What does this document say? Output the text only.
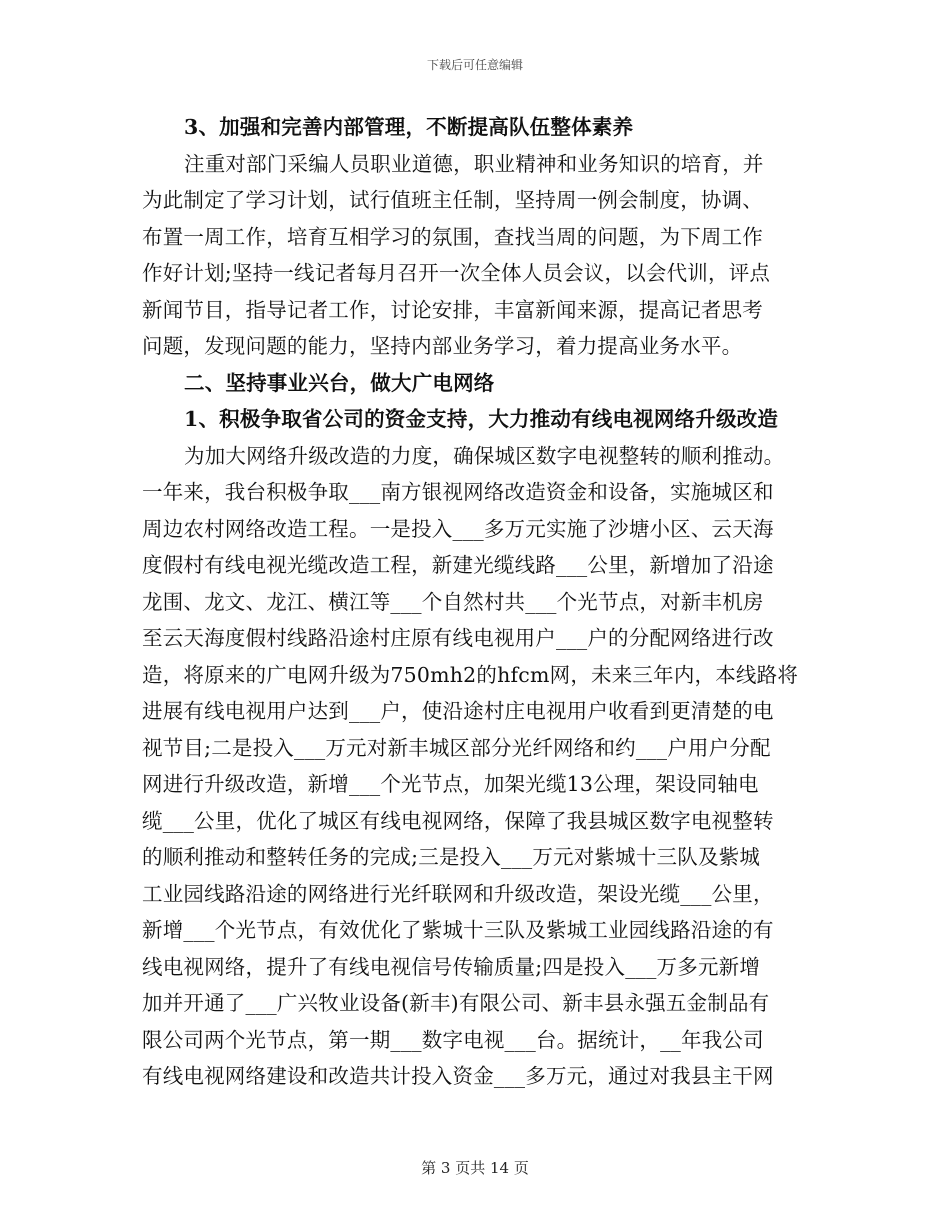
下载后可任意编辑
3、加强和完善内部管理，不断提高队伍整体素养
注重对部门采编人员职业道德，职业精神和业务知识的培育，并
为此制定了学习计划，试行值班主任制，坚持周一例会制度，协调、
布置一周工作，培育互相学习的氛围，查找当周的问题，为下周工作
作好计划;坚持一线记者每月召开一次全体人员会议，以会代训，评点
新闻节目，指导记者工作，讨论安排，丰富新闻来源，提高记者思考
问题，发现问题的能力，坚持内部业务学习，着力提高业务水平。
二、坚持事业兴台，做大广电网络
1、积极争取省公司的资金支持，大力推动有线电视网络升级改造
为加大网络升级改造的力度，确保城区数字电视整转的顺利推动。
一年来，我台积极争取___南方银视网络改造资金和设备，实施城区和
周边农村网络改造工程。一是投入___多万元实施了沙塘小区、云天海
度假村有线电视光缆改造工程，新建光缆线路___公里，新增加了沿途
龙围、龙文、龙江、横江等___个自然村共___个光节点，对新丰机房
至云天海度假村线路沿途村庄原有线电视用户___户的分配网络进行改
造，将原来的广电网升级为750mh2的hfcm网，未来三年内，本线路将
进展有线电视用户达到___户，使沿途村庄电视用户收看到更清楚的电
视节目;二是投入___万元对新丰城区部分光纤网络和约___户用户分配
网进行升级改造，新增___个光节点，加架光缆13公理，架设同轴电
缆___公里，优化了城区有线电视网络，保障了我县城区数字电视整转
的顺利推动和整转任务的完成;三是投入___万元对紫城十三队及紫城
工业园线路沿途的网络进行光纤联网和升级改造，架设光缆___公里，
新增___个光节点，有效优化了紫城十三队及紫城工业园线路沿途的有
线电视网络，提升了有线电视信号传输质量;四是投入___万多元新增
加并开通了___广兴牧业设备(新丰)有限公司、新丰县永强五金制品有
限公司两个光节点，第一期___数字电视___台。据统计，__年我公司
有线电视网络建设和改造共计投入资金___多万元，通过对我县主干网
第 3 页共 14 页
